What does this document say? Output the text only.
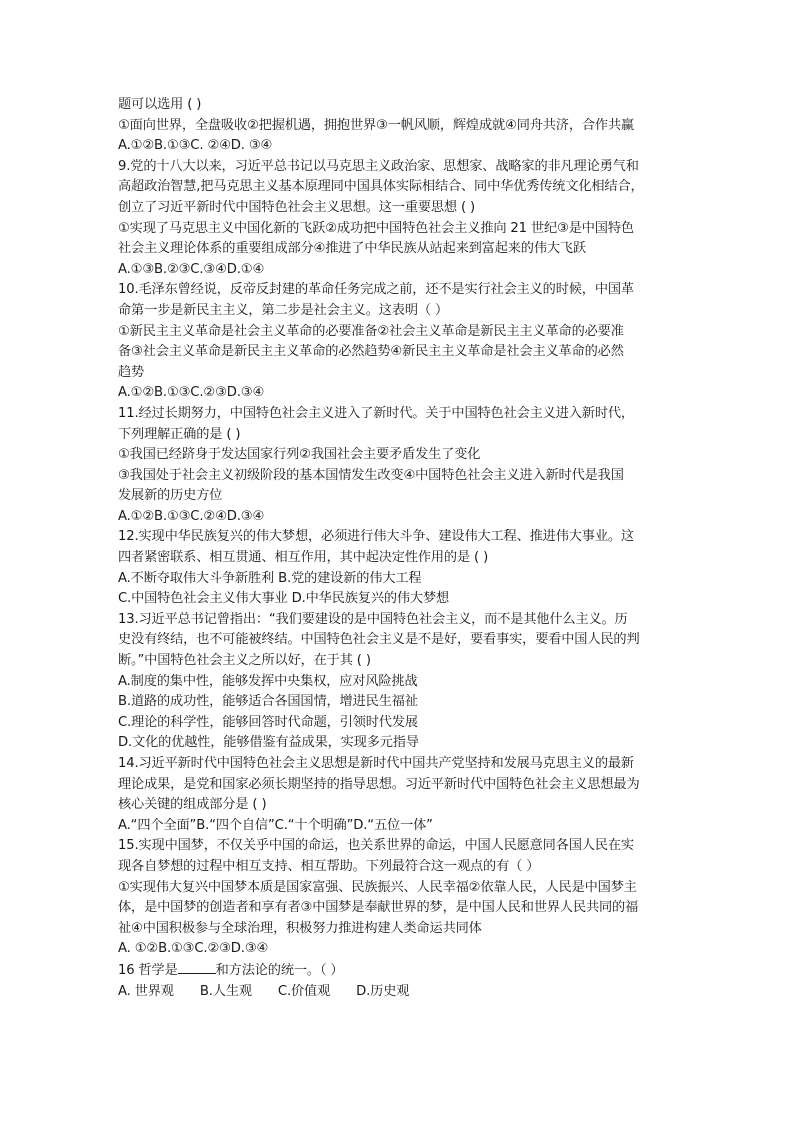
题可以选用 ( )
①面向世界，全盘吸收②把握机遇，拥抱世界③一帆风顺，辉煌成就④同舟共济，合作共赢
A.①②B.①③C. ②④D. ③④
9.党的十八大以来，习近平总书记以马克思主义政治家、思想家、战略家的非凡理论勇气和
高超政治智慧,把马克思主义基本原理同中国具体实际相结合、同中华优秀传统文化相结合，
创立了习近平新时代中国特色社会主义思想。这一重要思想 ( )
①实现了马克思主义中国化新的飞跃②成功把中国特色社会主义推向 21 世纪③是中国特色
社会主义理论体系的重要组成部分④推进了中华民族从站起来到富起来的伟大飞跃
A.①③B.②③C.③④D.①④
10.毛泽东曾经说，反帝反封建的革命任务完成之前，还不是实行社会主义的时候，中国革
命第一步是新民主主义，第二步是社会主义。这表明（ ）
①新民主主义革命是社会主义革命的必要准备②社会主义革命是新民主主义革命的必要准
备③社会主义革命是新民主主义革命的必然趋势④新民主主义革命是社会主义革命的必然
趋势
A.①②B.①③C.②③D.③④
11.经过长期努力，中国特色社会主义进入了新时代。关于中国特色社会主义进入新时代，
下列理解正确的是 ( )
①我国已经跻身于发达国家行列②我国社会主要矛盾发生了变化
③我国处于社会主义初级阶段的基本国情发生改变④中国特色社会主义进入新时代是我国
发展新的历史方位
A.①②B.①③C.②④D.③④
12.实现中华民族复兴的伟大梦想，必须进行伟大斗争、建设伟大工程、推进伟大事业。这
四者紧密联系、相互贯通、相互作用，其中起决定性作用的是 ( )
A.不断夺取伟大斗争新胜利 B.党的建设新的伟大工程
C.中国特色社会主义伟大事业 D.中华民族复兴的伟大梦想
13.习近平总书记曾指出：“我们要建设的是中国特色社会主义，而不是其他什么主义。历
史没有终结，也不可能被终结。中国特色社会主义是不是好，要看事实，要看中国人民的判
断。”中国特色社会主义之所以好，在于其 ( )
A.制度的集中性，能够发挥中央集权，应对风险挑战
B.道路的成功性，能够适合各国国情，增进民生福祉
C.理论的科学性，能够回答时代命题，引领时代发展
D.文化的优越性，能够借鉴有益成果，实现多元指导
14.习近平新时代中国特色社会主义思想是新时代中国共产党坚持和发展马克思主义的最新
理论成果，是党和国家必须长期坚持的指导思想。习近平新时代中国特色社会主义思想最为
核心关键的组成部分是 ( )
A.“四个全面”B.“四个自信”C.“十个明确”D.“五位一体”
15.实现中国梦，不仅关乎中国的命运，也关系世界的命运，中国人民愿意同各国人民在实
现各自梦想的过程中相互支持、相互帮助。下列最符合这一观点的有（ ）
①实现伟大复兴中国梦本质是国家富强、民族振兴、人民幸福②依靠人民，人民是中国梦主
体，是中国梦的创造者和享有者③中国梦是奉献世界的梦，是中国人民和世界人民共同的福
祉④中国积极参与全球治理，积极努力推进构建人类命运共同体
A. ①②B.①③C.②③D.③④
16 哲学是	和方法论的统一。（ ）
A. 世界观 B.人生观 C.价值观 D.历史观
